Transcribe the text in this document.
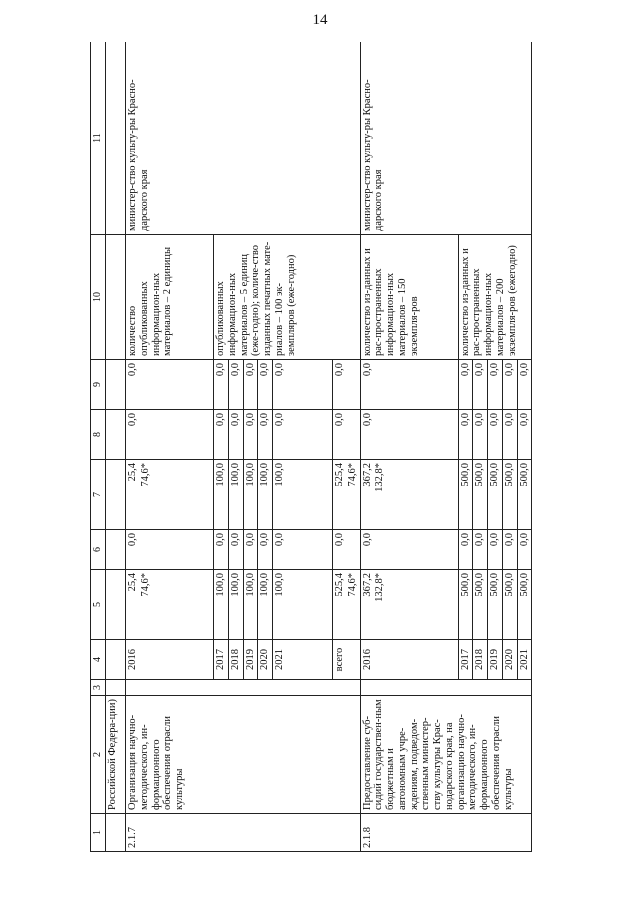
14
1	2	3	4	5	6	7	8	9	10	11
	Российской Федера-ции)									
2.1.7	Организация научно-методического, ин-формационного обеспечения отрасли культуры		2016	25,4 74,6*	0,0	25,4 74,6*	0,0	0,0	количество опубликованных информацион-ных материалов – 2 единицы	министер-ство культу-ры Красно-дарского края
			2017	100,0	0,0	100,0	0,0	0,0	опубликованных информацион-ных материалов – 5 единиц (еже-годно); количе-ство изданных печатных мате-риалов – 100 эк-земпляров (еже-годно)	
			2018	100,0	0,0	100,0	0,0	0,0		
			2019	100,0	0,0	100,0	0,0	0,0		
			2020	100,0	0,0	100,0	0,0	0,0		
			2021	100,0	0,0	100,0	0,0	0,0		
			всего	525,4 74,6*	0,0	525,4 74,6*	0,0	0,0		
2.1.8	Предоставление суб-сидий государствен-ным бюджетным и автономным учре-ждениям, подведом-ственным министер-ству культуры Крас-нодарского края, на организацию научно-методического, ин-формационного обеспечения отрасли культуры		2016	367,2 132,8*	0,0	367,2 132,8*	0,0	0,0	количество из-данных и рас-пространенных информацион-ных материалов – 150 экземпля-ров	министер-ство культу-ры Красно-дарского края
			2017	500,0	0,0	500,0	0,0	0,0	количество из-данных и рас-пространенных информацион-ных материалов – 200 экземпля-ров (ежегодно)	
			2018	500,0	0,0	500,0	0,0	0,0		
			2019	500,0	0,0	500,0	0,0	0,0		
			2020	500,0	0,0	500,0	0,0	0,0		
			2021	500,0	0,0	500,0	0,0	0,0		
